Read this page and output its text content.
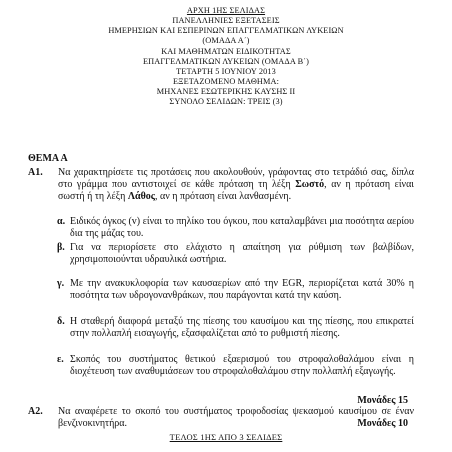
ΑΡΧΗ 1ΗΣ ΣΕΛΙΔΑΣ
ΠΑΝΕΛΛΗΝΙΕΣ ΕΞΕΤΑΣΕΙΣ
ΗΜΕΡΗΣΙΩΝ ΚΑΙ ΕΣΠΕΡΙΝΩΝ ΕΠΑΓΓΕΛΜΑΤΙΚΩΝ ΛΥΚΕΙΩΝ
(ΟΜΑΔΑ Α΄)
ΚΑΙ ΜΑΘΗΜΑΤΩΝ ΕΙΔΙΚΟΤΗΤΑΣ
ΕΠΑΓΓΕΛΜΑΤΙΚΩΝ ΛΥΚΕΙΩΝ (ΟΜΑΔΑ Β΄)
ΤΕΤΑΡΤΗ 5 ΙΟΥΝΙΟΥ 2013
ΕΞΕΤΑΖΟΜΕΝΟ ΜΑΘΗΜΑ:
ΜΗΧΑΝΕΣ ΕΣΩΤΕΡΙΚΗΣ ΚΑΥΣΗΣ ΙΙ
ΣΥΝΟΛΟ ΣΕΛΙΔΩΝ: ΤΡΕΙΣ (3)
ΘΕΜΑ Α
Α1. Να χαρακτηρίσετε τις προτάσεις που ακολουθούν, γράφοντας στο τετράδιό σας, δίπλα στο γράμμα που αντιστοιχεί σε κάθε πρόταση τη λέξη Σωστό, αν η πρόταση είναι σωστή ή τη λέξη Λάθος, αν η πρόταση είναι λανθασμένη.
α. Ειδικός όγκος (v) είναι το πηλίκο του όγκου, που καταλαμβάνει μια ποσότητα αερίου δια της μάζας του.
β. Για να περιορίσετε στο ελάχιστο η απαίτηση για ρύθμιση των βαλβίδων, χρησιμοποιούνται υδραυλικά ωστήρια.
γ. Με την ανακυκλοφορία των καυσαερίων από την EGR, περιορίζεται κατά 30% η ποσότητα των υδρογονανθράκων, που παράγονται κατά την καύση.
δ. Η σταθερή διαφορά μεταξύ της πίεσης του καυσίμου και της πίεσης, που επικρατεί στην πολλαπλή εισαγωγής, εξασφαλίζεται από το ρυθμιστή πίεσης.
ε. Σκοπός του συστήματος θετικού εξαερισμού του στροφαλοθαλάμου είναι η διοχέτευση των αναθυμιάσεων του στροφαλοθαλάμου στην πολλαπλή εξαγωγής.
Μονάδες 15
Α2. Να αναφέρετε το σκοπό του συστήματος τροφοδοσίας ψεκασμού καυσίμου σε έναν βενζινοκινητήρα.	Μονάδες 10
ΤΕΛΟΣ 1ΗΣ ΑΠΟ 3 ΣΕΛΙΔΕΣ
